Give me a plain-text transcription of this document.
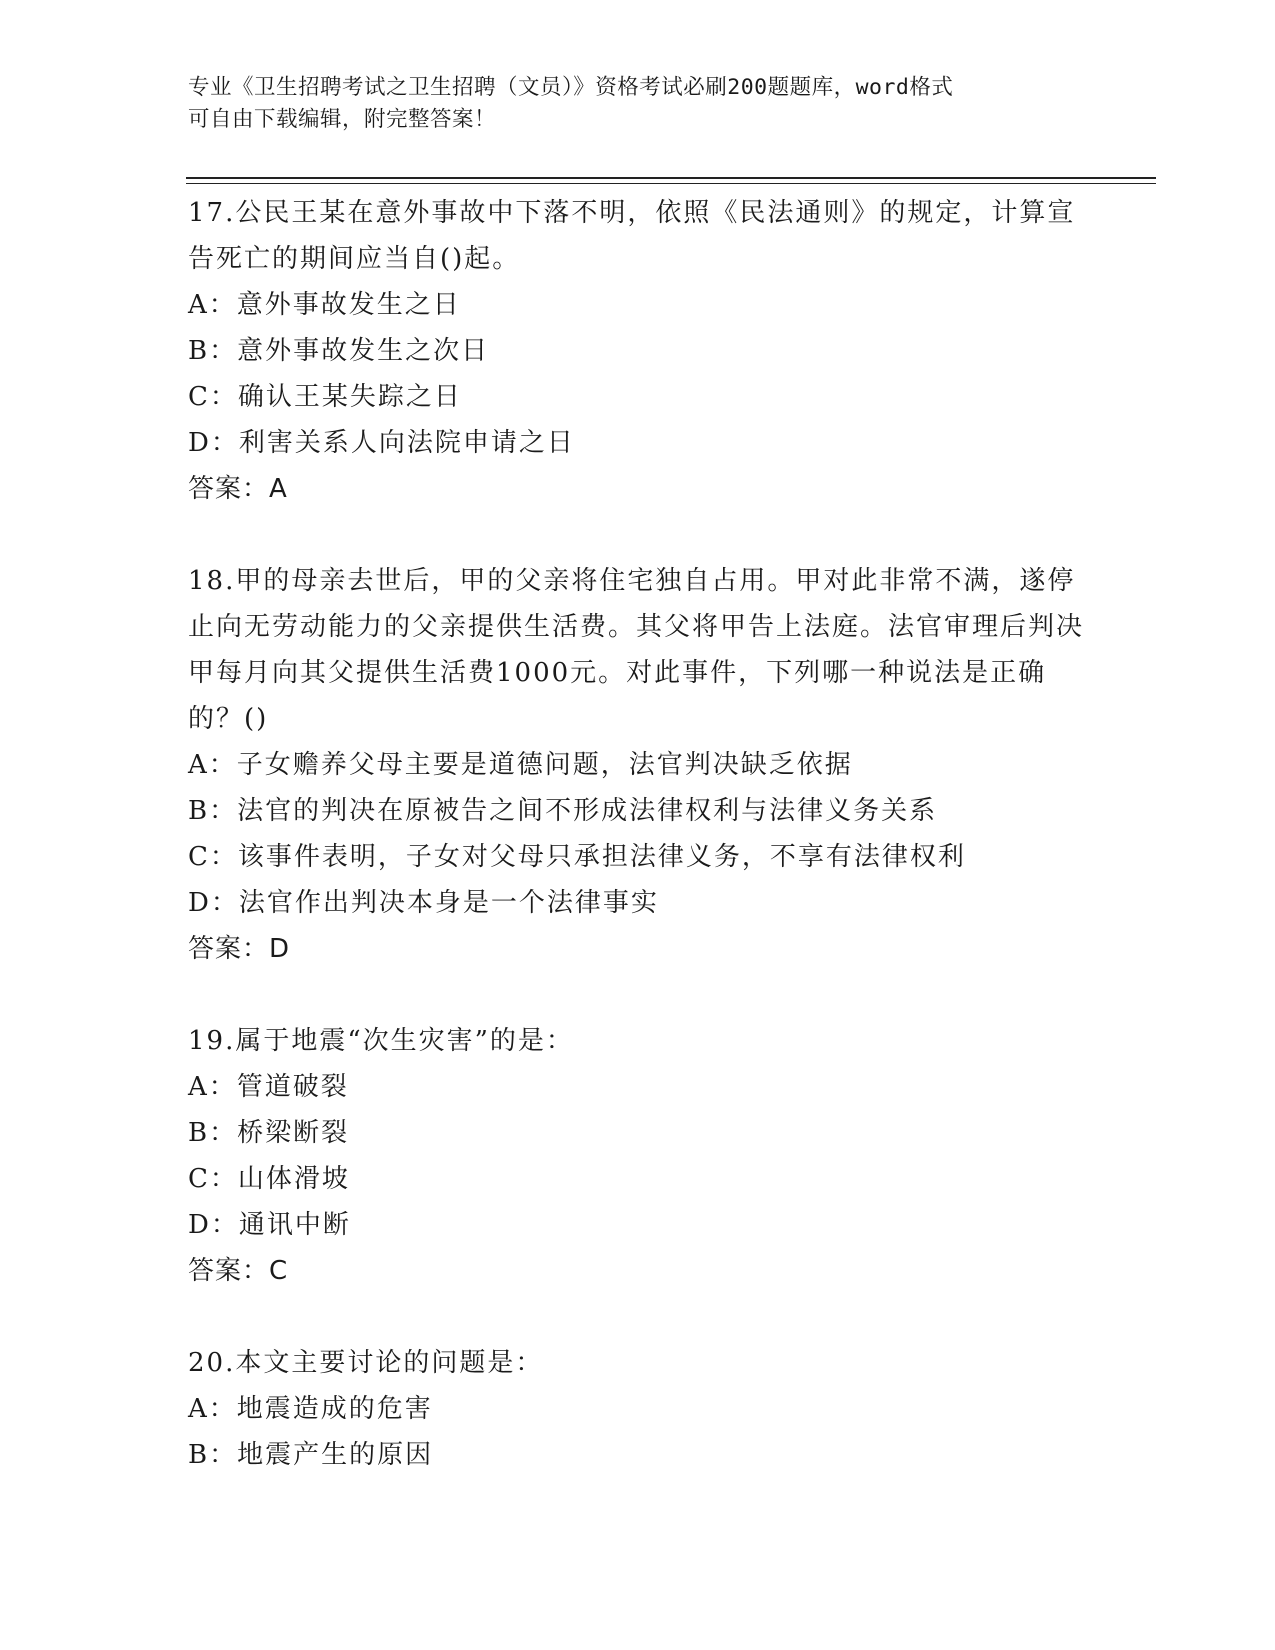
专业《卫生招聘考试之卫生招聘（文员）》资格考试必刷200题题库，word格式
可自由下载编辑，附完整答案！

17.公民王某在意外事故中下落不明，依照《民法通则》的规定，计算宣告死亡的期间应当自()起。

A：意外事故发生之日

B：意外事故发生之次日

C：确认王某失踪之日

D：利害关系人向法院申请之日

答案：A

18.甲的母亲去世后，甲的父亲将住宅独自占用。甲对此非常不满，遂停止向无劳动能力的父亲提供生活费。其父将甲告上法庭。法官审理后判决甲每月向其父提供生活费1000元。对此事件，下列哪一种说法是正确的？()

A：子女赡养父母主要是道德问题，法官判决缺乏依据

B：法官的判决在原被告之间不形成法律权利与法律义务关系

C：该事件表明，子女对父母只承担法律义务，不享有法律权利

D：法官作出判决本身是一个法律事实

答案：D

19.属于地震“次生灾害”的是：

A：管道破裂

B：桥梁断裂

C：山体滑坡

D：通讯中断

答案：C

20.本文主要讨论的问题是：

A：地震造成的危害

B：地震产生的原因
